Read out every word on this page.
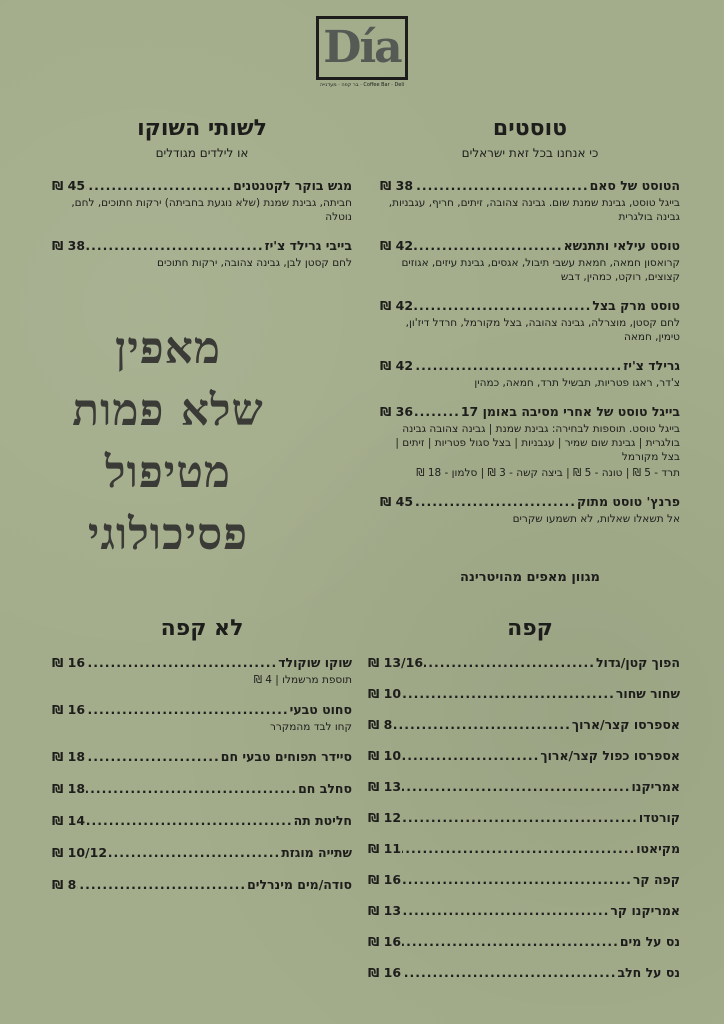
Día
בר קפה · מעדנייה · Coffee Bar · Deli
טוסטים
כי אנחנו בכל זאת ישראלים
הטוסט של סאם
.....
38 ₪
בייגל טוסט, גבינת שמנת שום. גבינה צהובה, זיתים, חריף, עגבניות, גבינה בולגרית
טוסט עילאי ותתנשא
.....
42 ₪
קרואסון חמאה, חמאת עשבי תיבול, אגסים, גבינת עיזים, אגוזים קצוצים, רוקט, כמהין, דבש
טוסט מרק בצל
.....
42 ₪
לחם קסטן, מוצרלה, גבינה צהובה, בצל מקורמל, חרדל דיז'ון, טימין, חמאה
גרילד צ'יז
.....
42 ₪
צ'דר, ראגו פטריות, תבשיל תרד, חמאה, כמהין
בייגל טוסט של אחרי מסיבה באומן 17
.....
36 ₪
בייגל טוסט. תוספות לבחירה: גבינת שמנת | גבינה צהובה גבינה בולגרית | גבינת שום שמיר | עגבניות | בצל סגול פטריות | זיתים | בצל מקורמל
תרד - 5 ₪ | טונה - 5 ₪ | ביצה קשה - 3 ₪ | סלמון - 18 ₪
פרנץ' טוסט מתוק
.....
45 ₪
אל תשאלו שאלות, לא תשמעו שקרים
לשותי השוקו
או לילדים מגודלים
מגש בוקר לקטנטנים
.....
45 ₪
חביתה, גבינת שמנת (שלא נוגעת בחביתה) ירקות חתוכים, לחם, נוטלה
בייבי גרילד צ'יז
.....
38 ₪
לחם קסטן לבן, גבינה צהובה, ירקות חתוכים
מאפין
שלא פמות
מטיפול
פסיכולוגי
מגוון מאפים מהויטרינה
קפה
הפוך קטן/גדול
.....
13/16 ₪
שחור שחור
.....
10 ₪
אספרסו קצר/ארוך
.....
8 ₪
אספרסו כפול קצר/ארוך
.....
10 ₪
אמריקנו
.....
13 ₪
קורטדו
.....
12 ₪
מקיאטו
.....
11 ₪
קפה קר
.....
16 ₪
אמריקנו קר
.....
13 ₪
נס על מים
.....
16 ₪
נס על חלב
.....
16 ₪
לא קפה
שוקו שוקולד
.....
16 ₪
תוספת מרשמלו | 4 ₪
סחוט טבעי
.....
16 ₪
קחו לבד מהמקרר
סיידר תפוחים טבעי חם
.....
18 ₪
סחלב חם
.....
18 ₪
חליטת תה
.....
14 ₪
שתייה מוגזת
.....
10/12 ₪
סודה/מים מינרלים
.....
8 ₪
